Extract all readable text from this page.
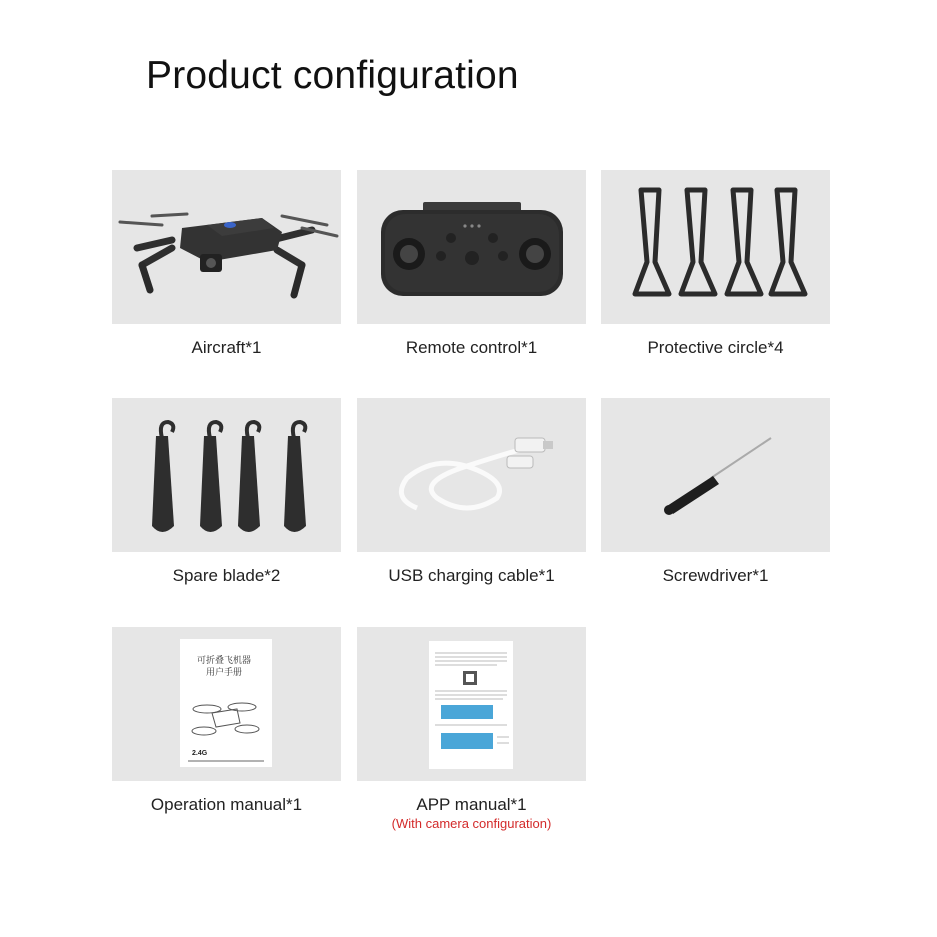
Product configuration
Aircraft*1	Remote control*1	Protective circle*4
Spare blade*2	USB charging cable*1	Screwdriver*1
可折叠飞机器
用户手册
2.4G
Operation manual*1	APP manual*1
(With camera configuration)
